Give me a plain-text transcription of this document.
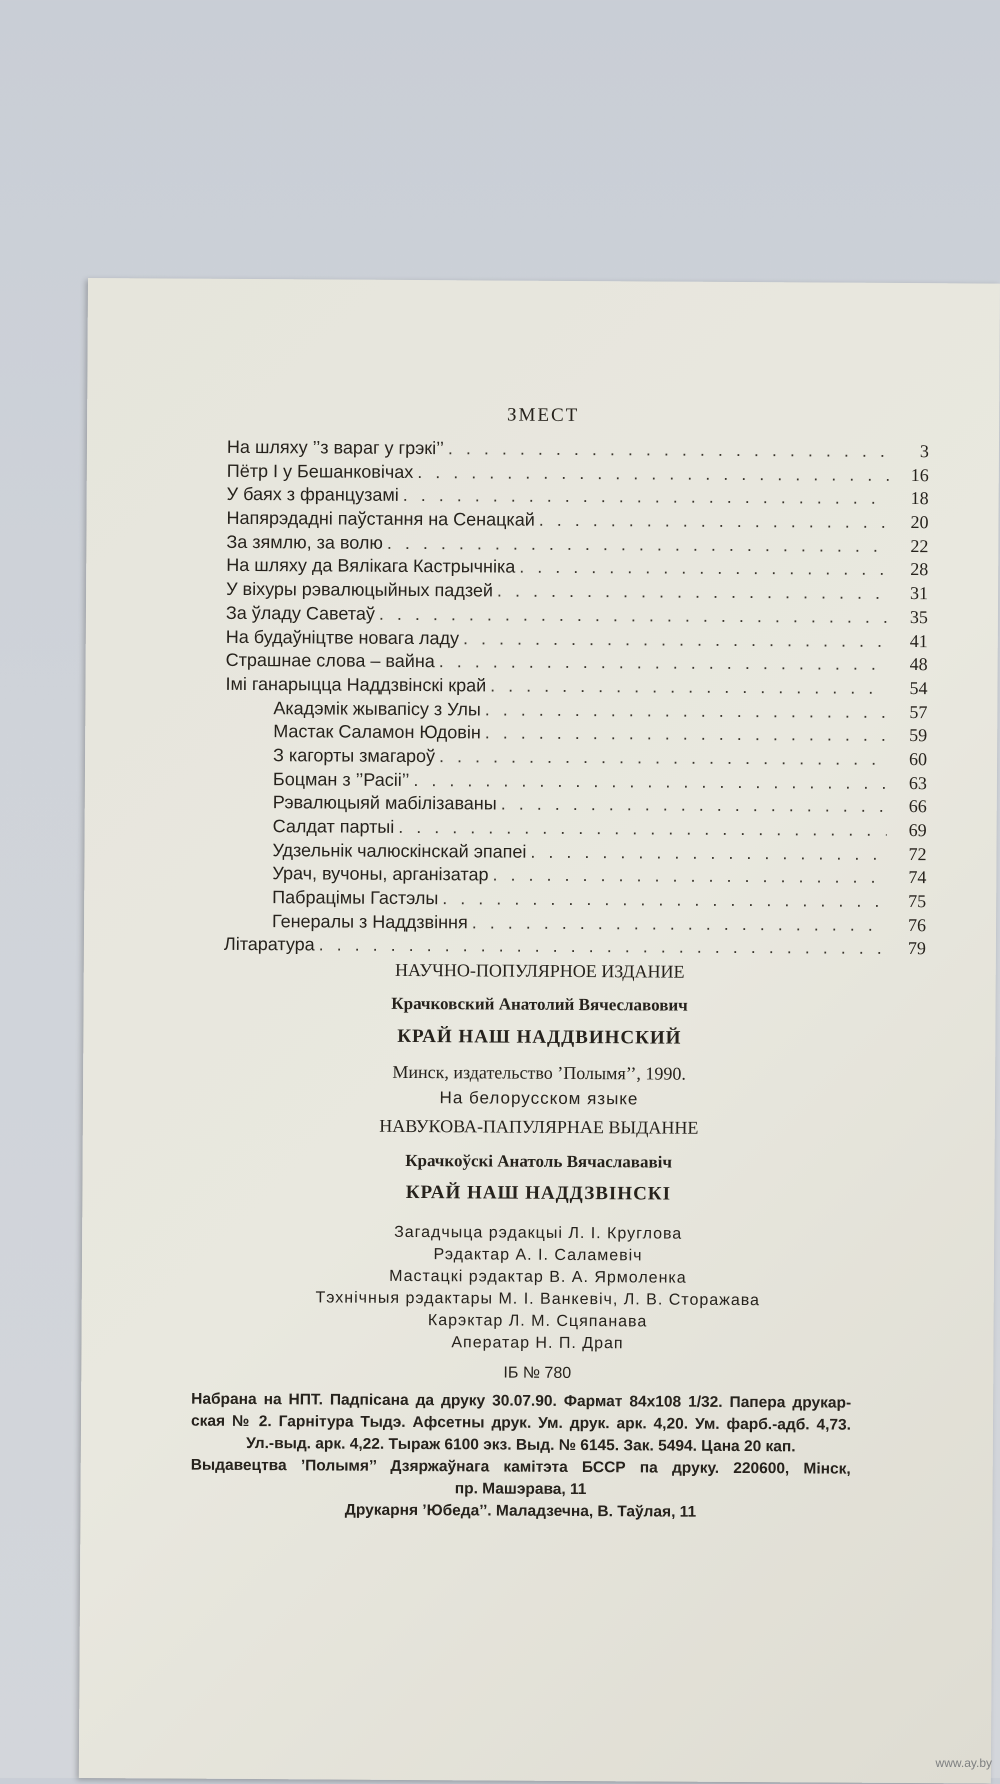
ЗМЕСТ
На шляху ’’з вараг у грэкі’’ . . .	3
Пётр I у Бешанковічах . . .	16
У баях з французамі . . .	18
Напярэдадні паўстання на Сенацкай . . .	20
За зямлю, за волю . . .	22
На шляху да Вялікага Кастрычніка . . .	28
У віхуры рэвалюцыйных падзей . . .	31
За ўладу Саветаў . . .	35
На будаўніцтве новага ладу . . .	41
Страшнае слова – вайна . . .	48
Імі ганарыцца Наддзвінскі край . . .	54
Акадэмік жывапісу з Улы . . .	57
Мастак Саламон Юдовін . . .	59
З кагорты змагароў . . .	60
Боцман з ’’Расіі’’ . . .	63
Рэвалюцыяй мабілізаваны . . .	66
Салдат партыі . . .	69
Удзельнік чалюскінскай эпапеі . . .	72
Урач, вучоны, арганізатар . . .	74
Пабрацімы Гастэлы . . .	75
Генералы з Наддзвіння . . .	76
Літаратура . . .	79
НАУЧНО-ПОПУЛЯРНОЕ ИЗДАНИЕ
Крачковский Анатолий Вячеславович
КРАЙ НАШ НАДДВИНСКИЙ
Минск, издательство ’Полымя’’, 1990.
На белорусском языке
НАВУКОВА-ПАПУЛЯРНАЕ ВЫДАННЕ
Крачкоўскі Анатоль Вячаслававіч
КРАЙ НАШ НАДДЗВІНСКІ
Загадчыца рэдакцыі Л. І. Круглова
Рэдактар А. І. Саламевіч
Мастацкі рэдактар В. А. Ярмоленка
Тэхнічныя рэдактары М. І. Ванкевіч, Л. В. Сторажава
Карэктар Л. М. Сцяпанава
Аператар Н. П. Драп
ІБ № 780
Набрана на НПТ. Падпісана да друку 30.07.90. Фармат 84х108 1/32. Папера друкар-
ская № 2. Гарнітура Тыдэ. Афсетны друк. Ум. друк. арк. 4,20. Ум. фарб.-адб. 4,73.
Ул.-выд. арк. 4,22. Тыраж 6100 экз. Выд. № 6145. Зак. 5494. Цана 20 кап.
Выдавецтва ’Полымя’’ Дзяржаўнага камітэта БССР па друку. 220600, Мінск,
пр. Машэрава, 11
Друкарня ’Юбеда’’. Маладзечна, В. Таўлая, 11
www.ay.by
